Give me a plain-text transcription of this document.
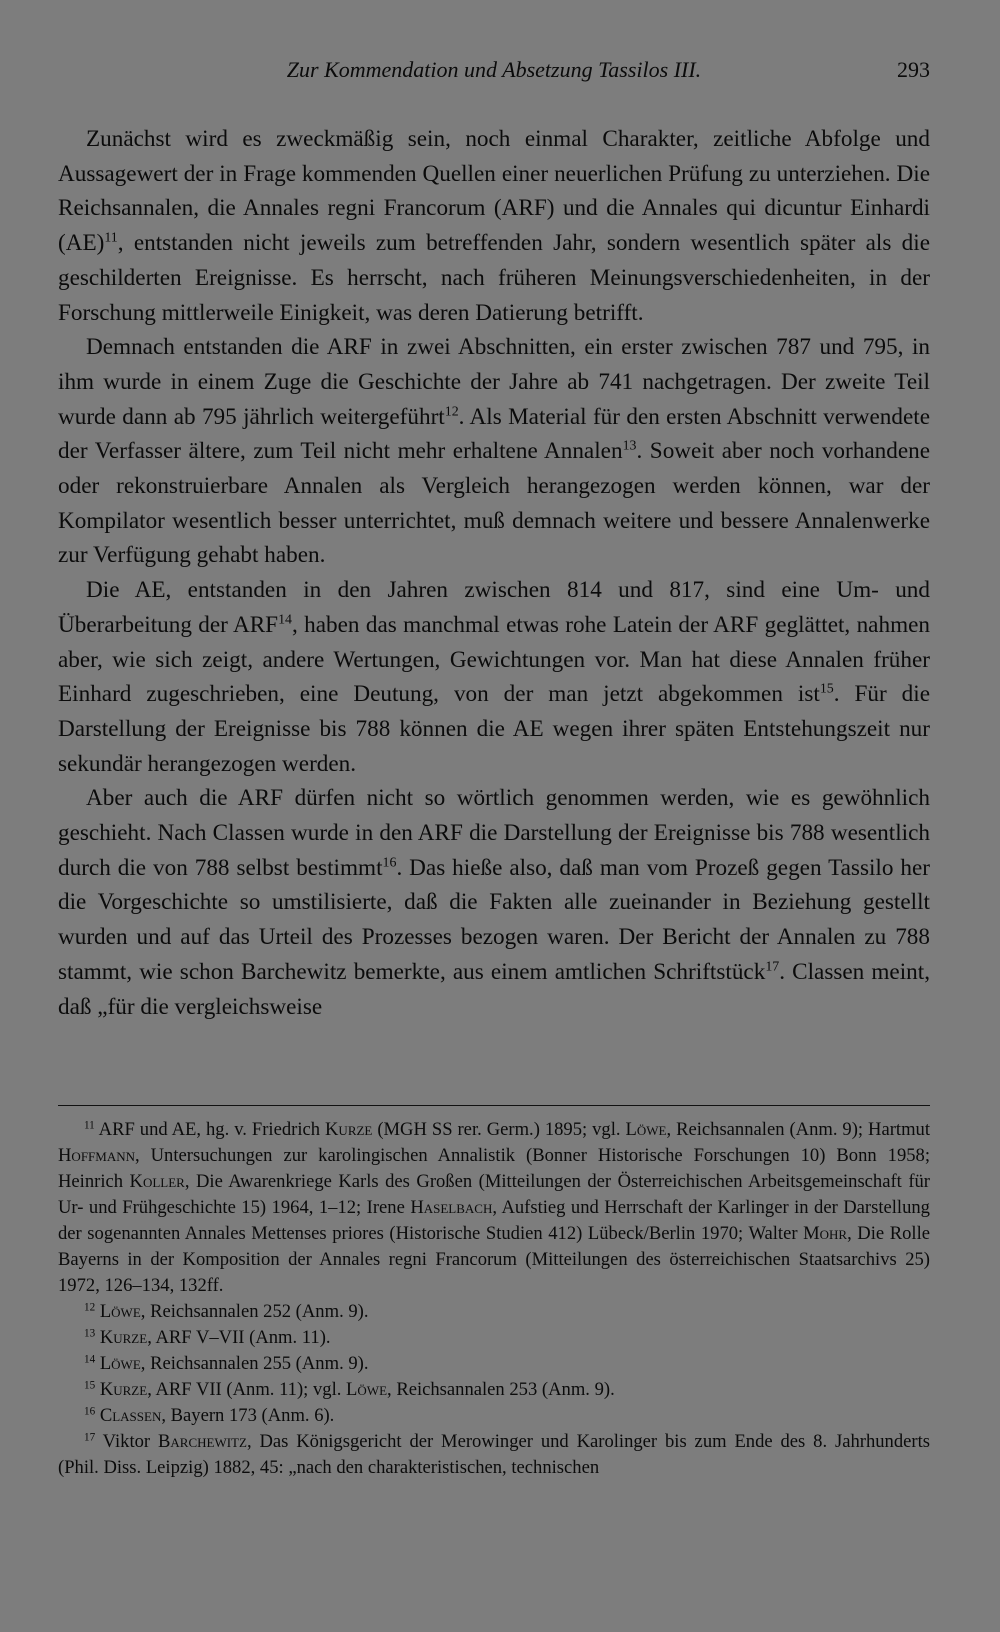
Zur Kommendation und Absetzung Tassilos III.	293

Zunächst wird es zweckmäßig sein, noch einmal Charakter, zeitliche Abfolge und Aussagewert der in Frage kommenden Quellen einer neuerlichen Prüfung zu unterziehen. Die Reichsannalen, die Annales regni Francorum (ARF) und die Annales qui dicuntur Einhardi (AE)$^{11}$, entstanden nicht jeweils zum betreffenden Jahr, sondern wesentlich später als die geschilderten Ereignisse. Es herrscht, nach früheren Meinungsverschiedenheiten, in der Forschung mittlerweile Einigkeit, was deren Datierung betrifft.

Demnach entstanden die ARF in zwei Abschnitten, ein erster zwischen 787 und 795, in ihm wurde in einem Zuge die Geschichte der Jahre ab 741 nachgetragen. Der zweite Teil wurde dann ab 795 jährlich weitergeführt$^{12}$. Als Material für den ersten Abschnitt verwendete der Verfasser ältere, zum Teil nicht mehr erhaltene Annalen$^{13}$. Soweit aber noch vorhandene oder rekonstruierbare Annalen als Vergleich herangezogen werden können, war der Kompilator wesentlich besser unterrichtet, muß demnach weitere und bessere Annalenwerke zur Verfügung gehabt haben.

Die AE, entstanden in den Jahren zwischen 814 und 817, sind eine Um- und Überarbeitung der ARF$^{14}$, haben das manchmal etwas rohe Latein der ARF geglättet, nahmen aber, wie sich zeigt, andere Wertungen, Gewichtungen vor. Man hat diese Annalen früher Einhard zugeschrieben, eine Deutung, von der man jetzt abgekommen ist$^{15}$. Für die Darstellung der Ereignisse bis 788 können die AE wegen ihrer späten Entstehungszeit nur sekundär herangezogen werden.

Aber auch die ARF dürfen nicht so wörtlich genommen werden, wie es gewöhnlich geschieht. Nach Classen wurde in den ARF die Darstellung der Ereignisse bis 788 wesentlich durch die von 788 selbst bestimmt$^{16}$. Das hieße also, daß man vom Prozeß gegen Tassilo her die Vorgeschichte so umstilisierte, daß die Fakten alle zueinander in Beziehung gestellt wurden und auf das Urteil des Prozesses bezogen waren. Der Bericht der Annalen zu 788 stammt, wie schon Barchewitz bemerkte, aus einem amtlichen Schriftstück$^{17}$. Classen meint, daß „für die vergleichsweise

$^{11}$ ARF und AE, hg. v. Friedrich Kurze (MGH SS rer. Germ.) 1895; vgl. Löwe, Reichsannalen (Anm. 9); Hartmut Hoffmann, Untersuchungen zur karolingischen Annalistik (Bonner Historische Forschungen 10) Bonn 1958; Heinrich Koller, Die Awarenkriege Karls des Großen (Mitteilungen der Österreichischen Arbeitsgemeinschaft für Ur- und Frühgeschichte 15) 1964, 1–12; Irene Haselbach, Aufstieg und Herrschaft der Karlinger in der Darstellung der sogenannten Annales Mettenses priores (Historische Studien 412) Lübeck/Berlin 1970; Walter Mohr, Die Rolle Bayerns in der Komposition der Annales regni Francorum (Mitteilungen des österreichischen Staatsarchivs 25) 1972, 126–134, 132ff.

$^{12}$ Löwe, Reichsannalen 252 (Anm. 9).

$^{13}$ Kurze, ARF V–VII (Anm. 11).

$^{14}$ Löwe, Reichsannalen 255 (Anm. 9).

$^{15}$ Kurze, ARF VII (Anm. 11); vgl. Löwe, Reichsannalen 253 (Anm. 9).

$^{16}$ Classen, Bayern 173 (Anm. 6).

$^{17}$ Viktor Barchewitz, Das Königsgericht der Merowinger und Karolinger bis zum Ende des 8. Jahrhunderts (Phil. Diss. Leipzig) 1882, 45: „nach den charakteristischen, technischen
